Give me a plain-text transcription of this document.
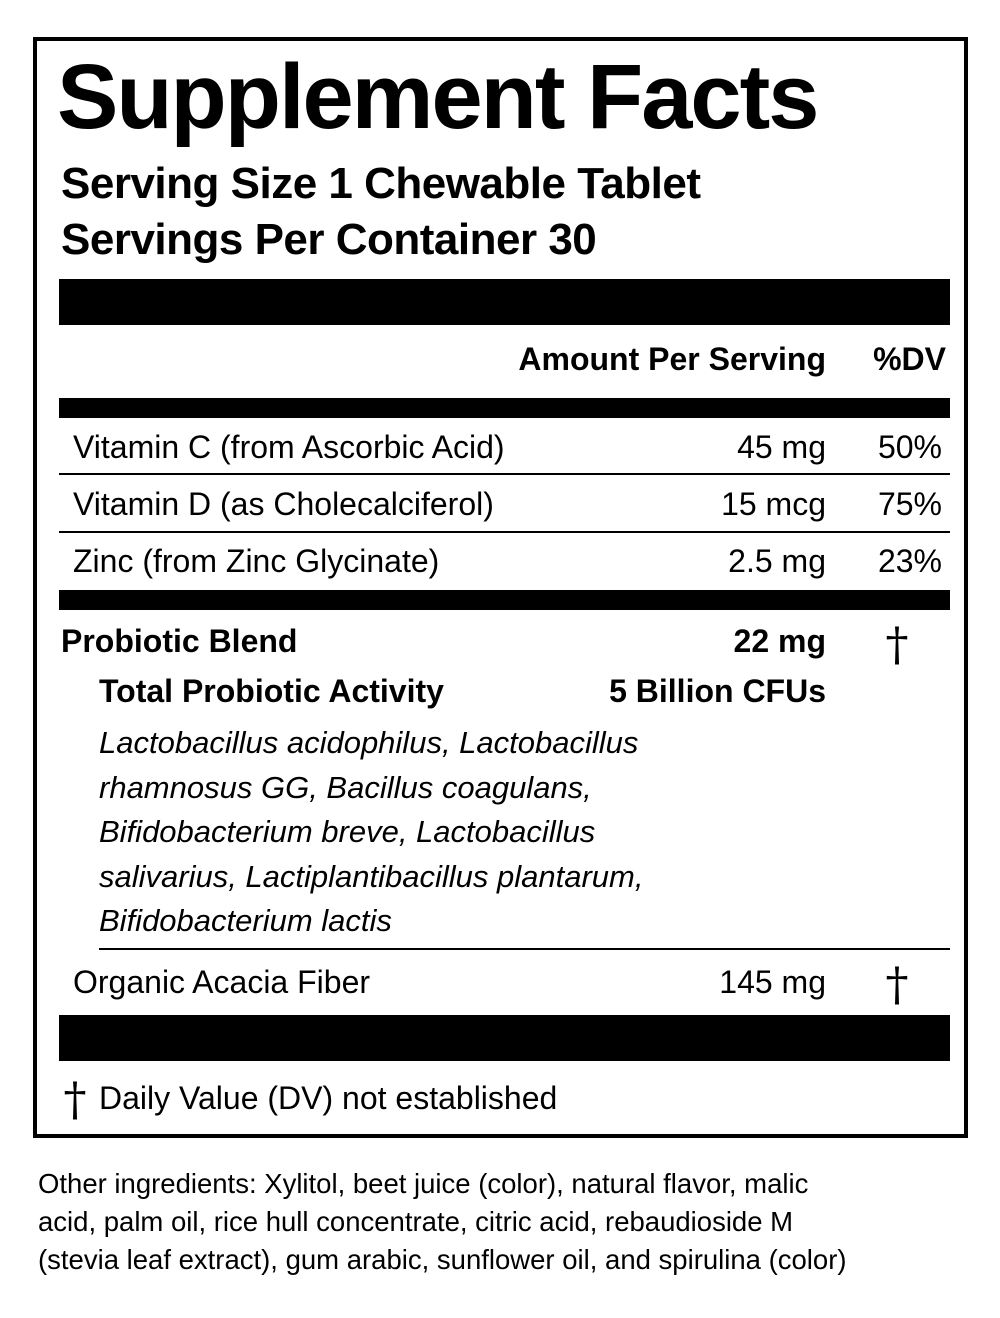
Supplement Facts
Serving Size 1 Chewable Tablet
Servings Per Container 30
Amount Per Serving %DV
Vitamin C (from Ascorbic Acid)	45 mg 50%
Vitamin D (as Cholecalciferol)	15 mcg 75%
Zinc (from Zinc Glycinate)	2.5 mg 23%
Probiotic Blend	22 mg †
Total Probiotic Activity	5 Billion CFUs
Lactobacillus acidophilus, Lactobacillus
rhamnosus GG, Bacillus coagulans,
Bifidobacterium breve, Lactobacillus
salivarius, Lactiplantibacillus plantarum,
Bifidobacterium lactis
Organic Acacia Fiber	145 mg †
† Daily Value (DV) not established
Other ingredients: Xylitol, beet juice (color), natural flavor, malic
acid, palm oil, rice hull concentrate, citric acid, rebaudioside M
(stevia leaf extract), gum arabic, sunflower oil, and spirulina (color)
